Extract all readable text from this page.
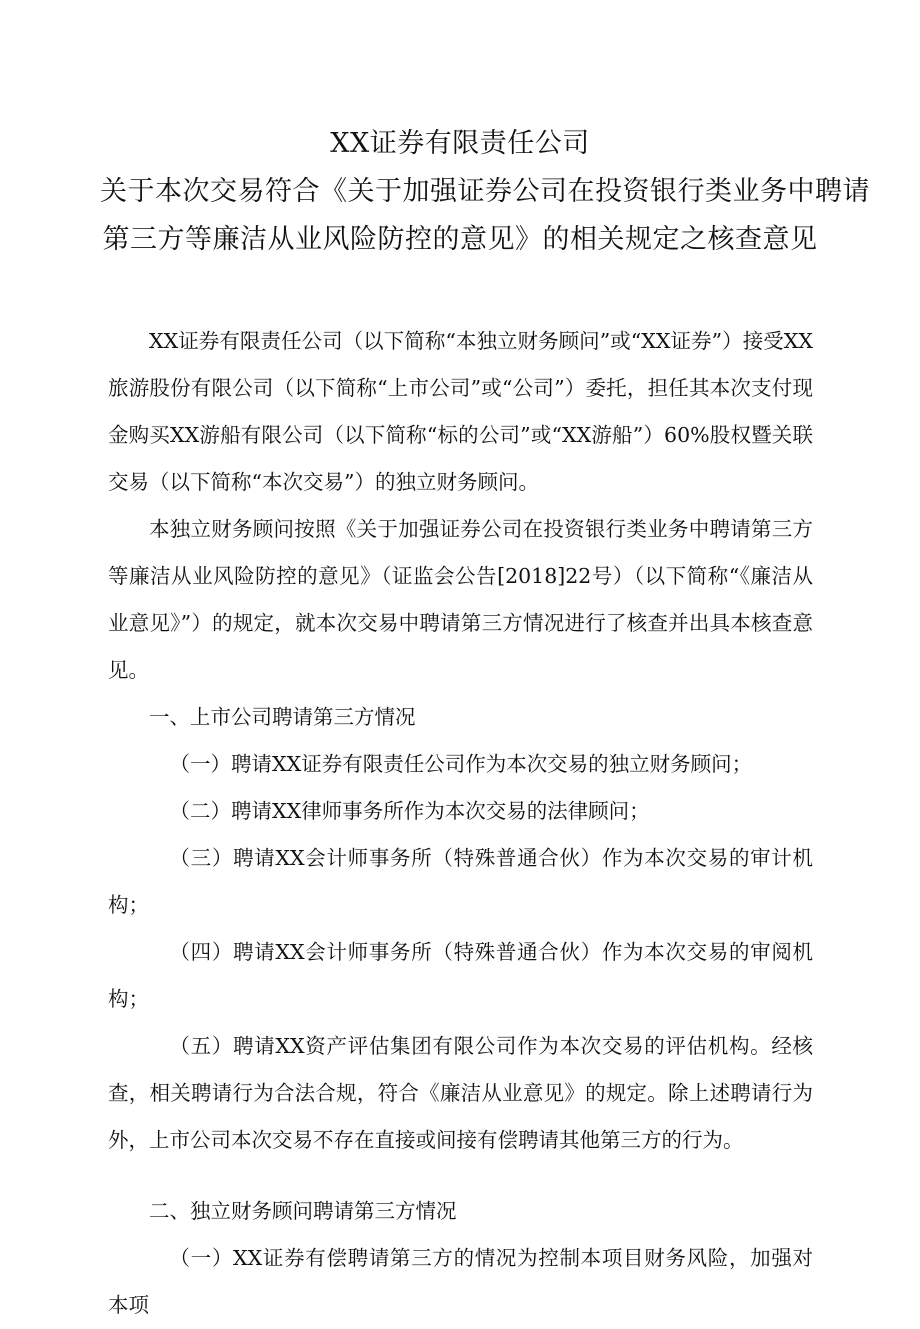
XX证券有限责任公司
关于本次交易符合《关于加强证券公司在投资银行类业务中聘请
第三方等廉洁从业风险防控的意见》的相关规定之核查意见

XX证券有限责任公司（以下简称“本独立财务顾问”或“XX证券”）接受XX旅游股份有限公司（以下简称“上市公司”或“公司”）委托，担任其本次支付现金购买XX游船有限公司（以下简称“标的公司”或“XX游船”）60%股权暨关联交易（以下简称“本次交易”）的独立财务顾问。

本独立财务顾问按照《关于加强证券公司在投资银行类业务中聘请第三方等廉洁从业风险防控的意见》（证监会公告[2018]22号）（以下简称“《廉洁从业意见》”）的规定，就本次交易中聘请第三方情况进行了核查并出具本核查意见。

一、上市公司聘请第三方情况

（一）聘请XX证券有限责任公司作为本次交易的独立财务顾问；

（二）聘请XX律师事务所作为本次交易的法律顾问；

（三）聘请XX会计师事务所（特殊普通合伙）作为本次交易的审计机构；

（四）聘请XX会计师事务所（特殊普通合伙）作为本次交易的审阅机构；

（五）聘请XX资产评估集团有限公司作为本次交易的评估机构。经核查，相关聘请行为合法合规，符合《廉洁从业意见》的规定。除上述聘请行为外，上市公司本次交易不存在直接或间接有偿聘请其他第三方的行为。

二、独立财务顾问聘请第三方情况

（一）XX证券有偿聘请第三方的情况为控制本项目财务风险，加强对本项
